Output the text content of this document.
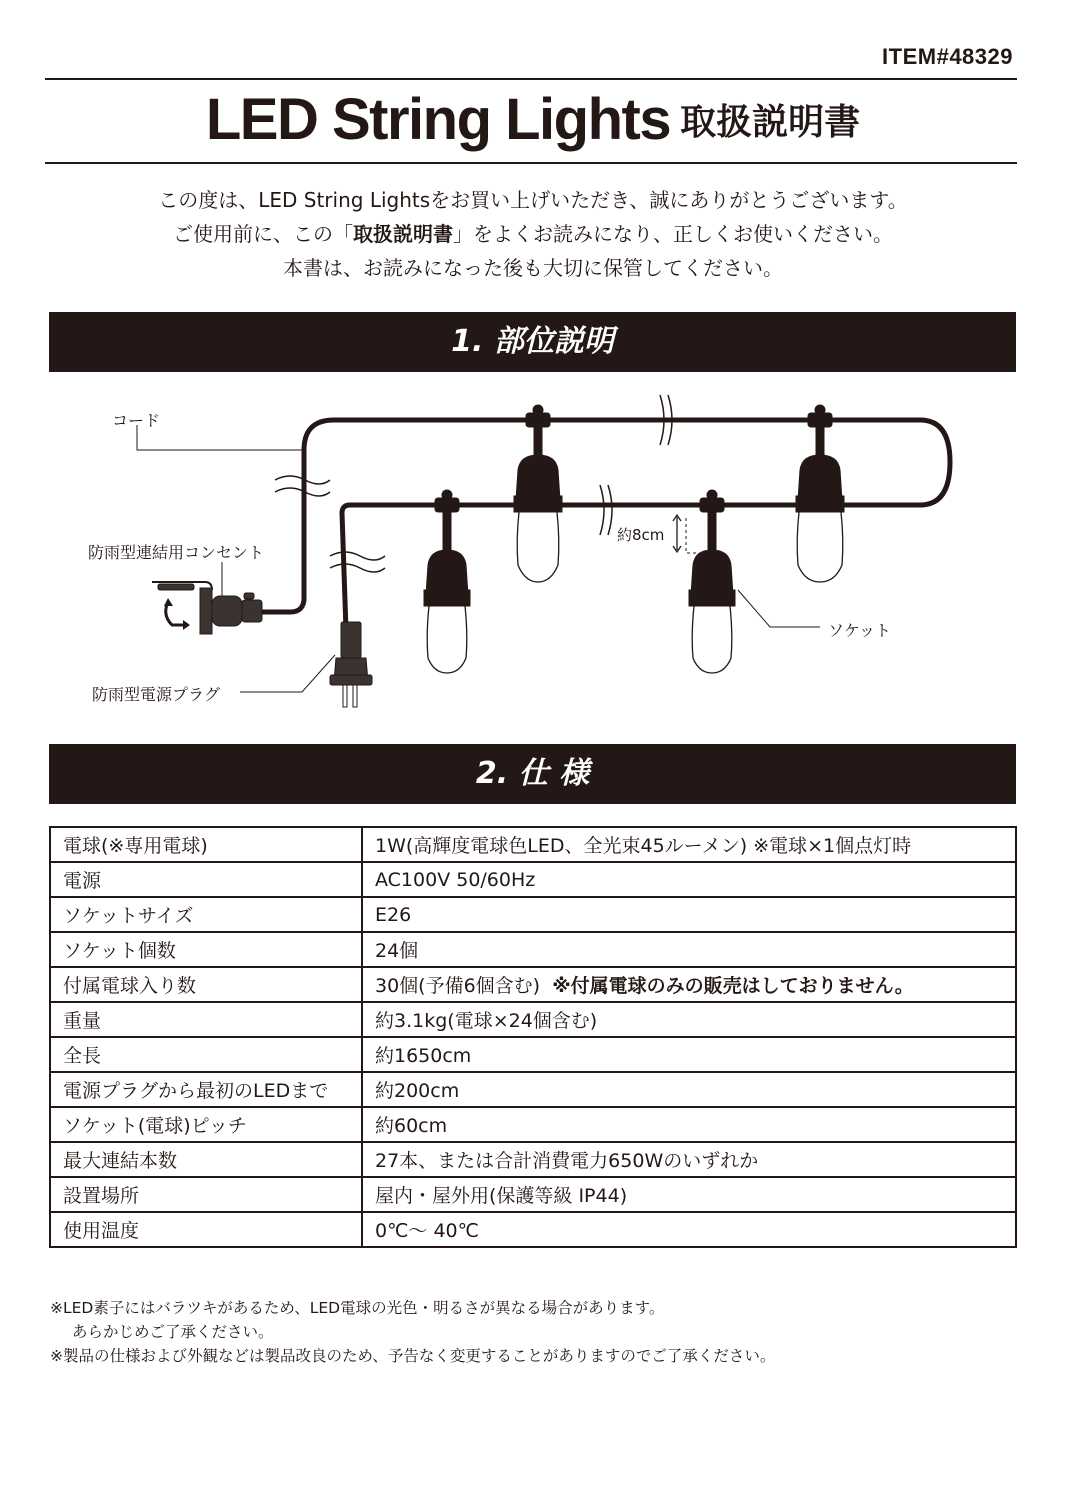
ITEM#48329
LED String Lights 取扱説明書
この度は、LED String Lightsをお買い上げいただき、誠にありがとうございます。
ご使用前に、この「取扱説明書」をよくお読みになり、正しくお使いください。
本書は、お読みになった後も大切に保管してください。
1. 部位説明
コード
防雨型連結用コンセント
防雨型電源プラグ
ソケット
約8cm
2. 仕 様
電球(※専用電球)	1W(高輝度電球色LED、全光束45ルーメン) ※電球×1個点灯時
電源	AC100V 50/60Hz
ソケットサイズ	E26
ソケット個数	24個
付属電球入り数	30個(予備6個含む) ※付属電球のみの販売はしておりません。
重量	約3.1kg(電球×24個含む)
全長	約1650cm
電源プラグから最初のLEDまで	約200cm
ソケット(電球)ピッチ	約60cm
最大連結本数	27本、または合計消費電力650Wのいずれか
設置場所	屋内・屋外用(保護等級 IP44)
使用温度	0℃～ 40℃
※LED素子にはバラツキがあるため、LED電球の光色・明るさが異なる場合があります。
あらかじめご了承ください。
※製品の仕様および外観などは製品改良のため、予告なく変更することがありますのでご了承ください。
